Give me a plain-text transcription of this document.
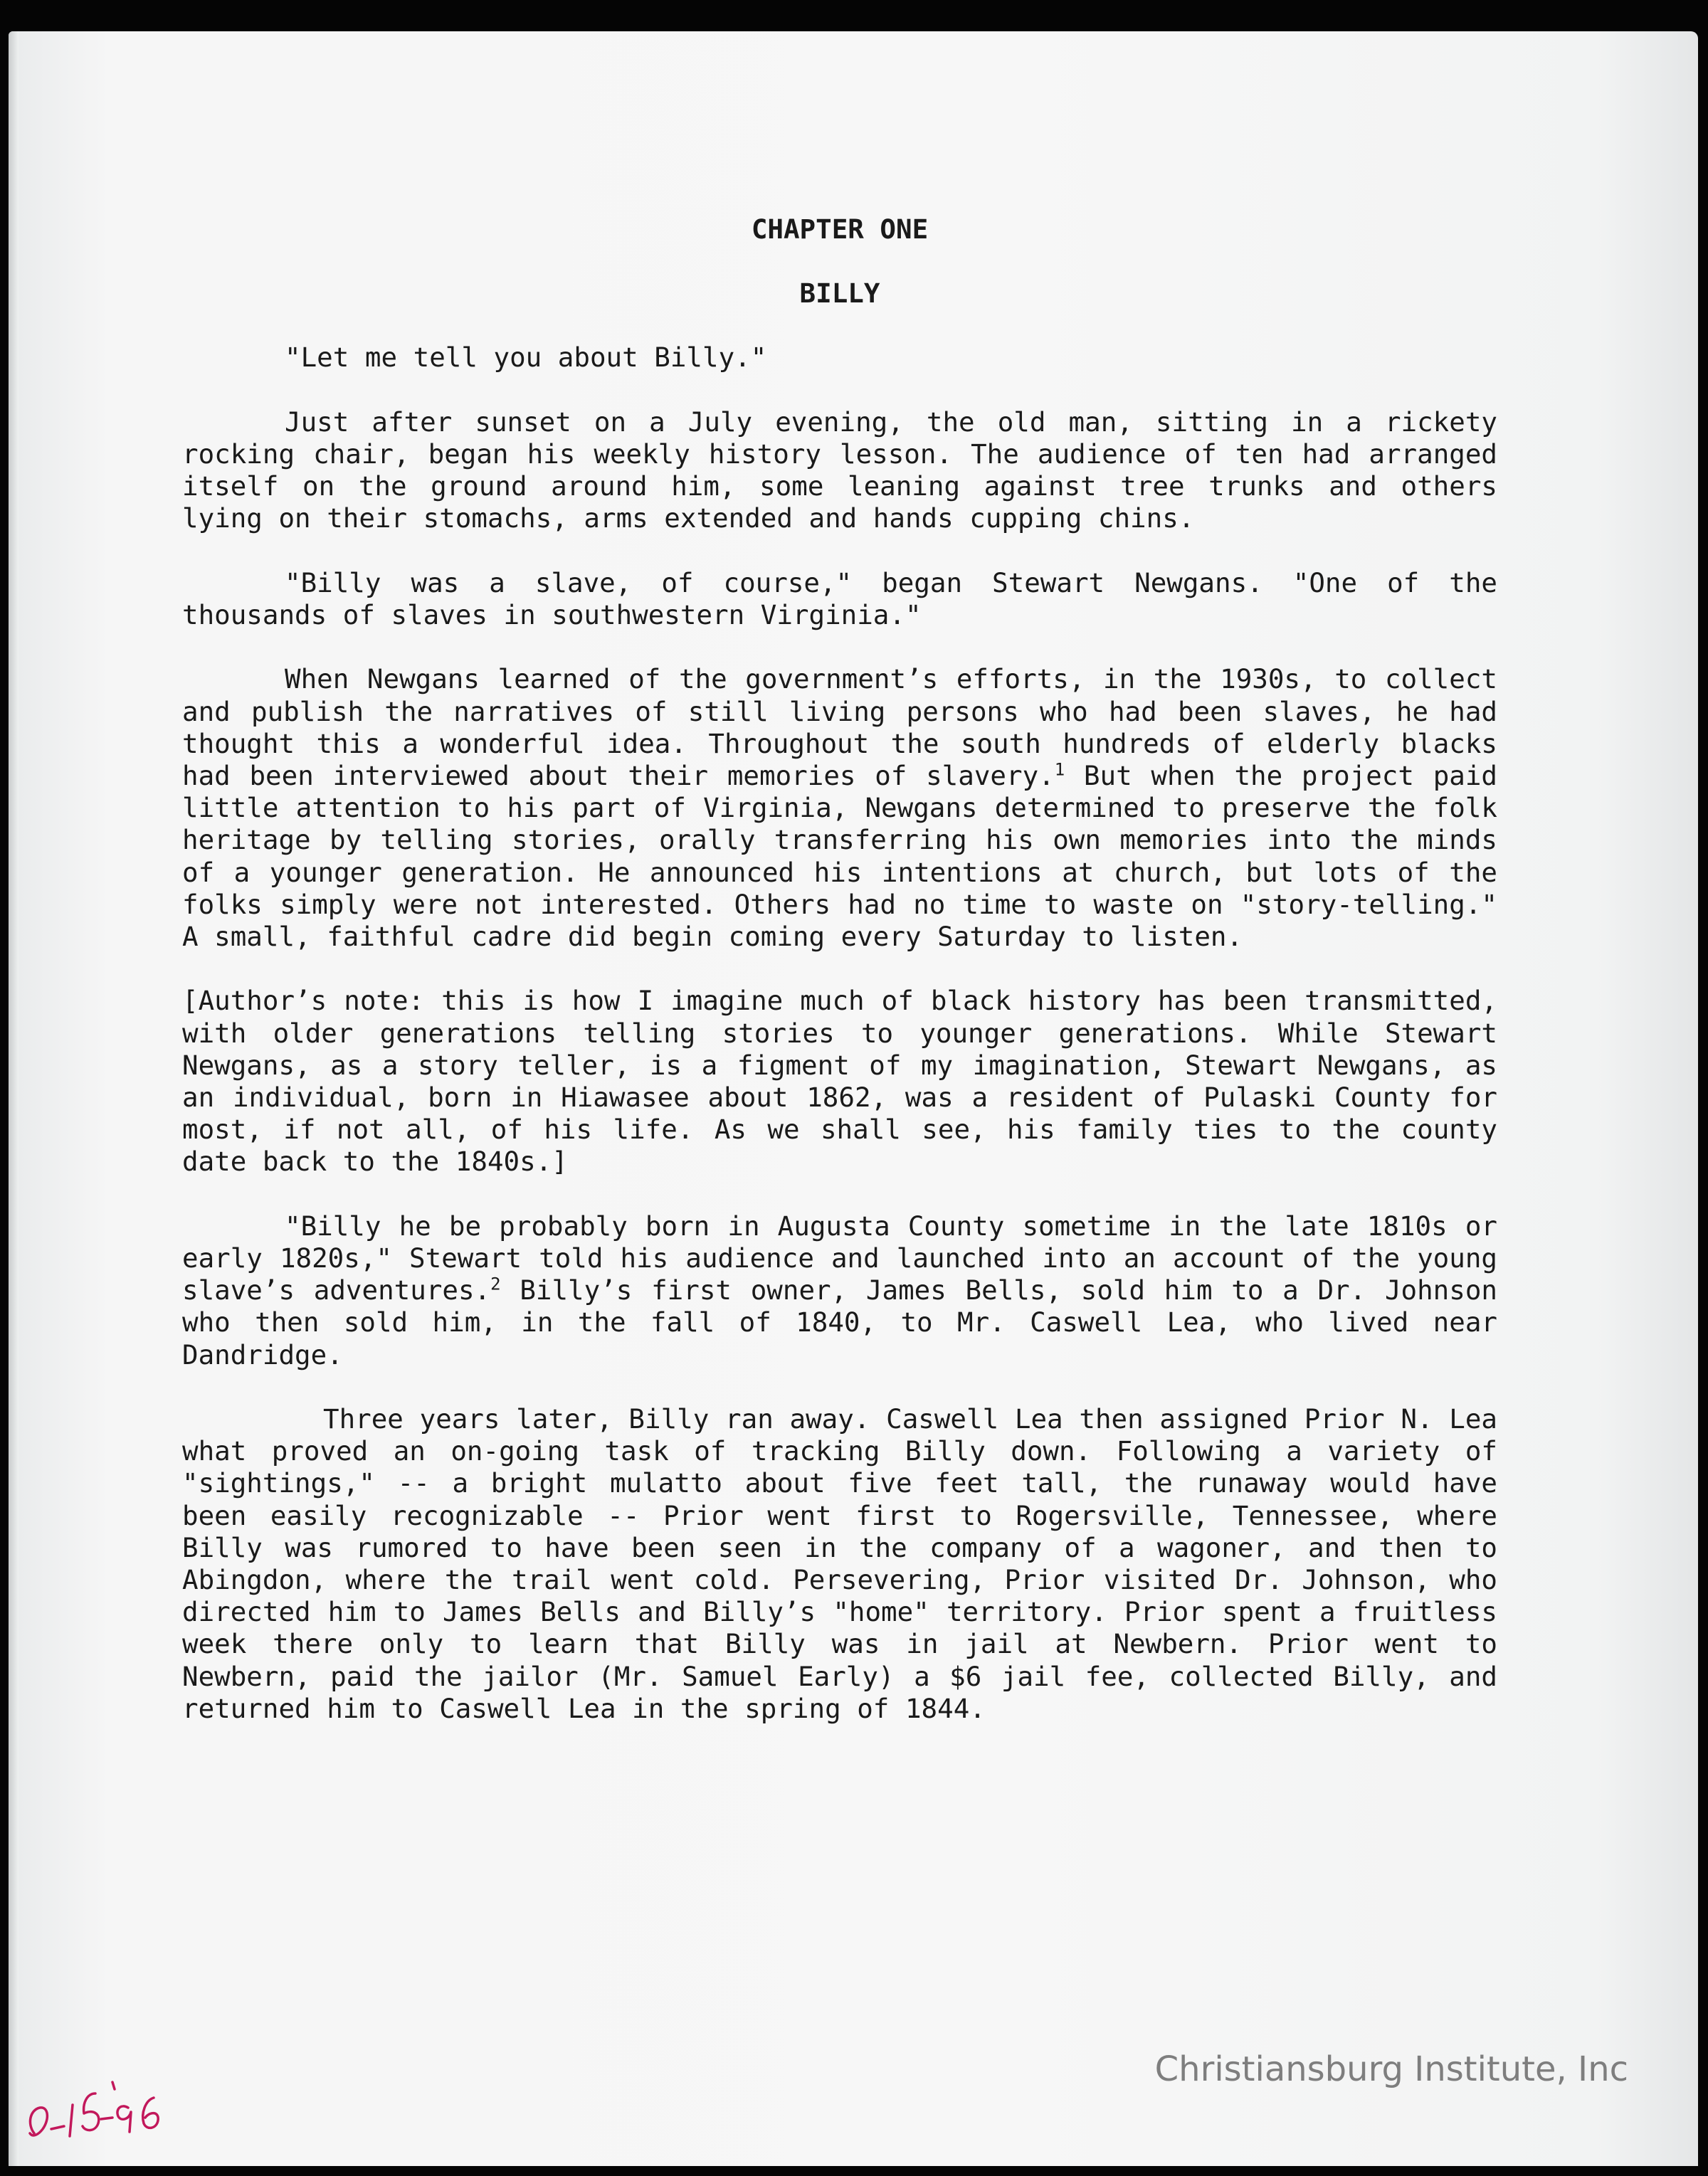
CHAPTER ONE

BILLY

"Let me tell you about Billy."

Just after sunset on a July evening, the old man, sitting in a rickety rocking chair, began his weekly history lesson. The audience of ten had arranged itself on the ground around him, some leaning against tree trunks and others lying on their stomachs, arms extended and hands cupping chins.

"Billy was a slave, of course," began Stewart Newgans. "One of the thousands of slaves in southwestern Virginia."

When Newgans learned of the government’s efforts, in the 1930s, to collect and publish the narratives of still living persons who had been slaves, he had thought this a wonderful idea. Throughout the south hundreds of elderly blacks had been interviewed about their memories of slavery.$^1$ But when the project paid little attention to his part of Virginia, Newgans determined to preserve the folk heritage by telling stories, orally transferring his own memories into the minds of a younger generation. He announced his intentions at church, but lots of the folks simply were not interested. Others had no time to waste on "story-telling." A small, faithful cadre did begin coming every Saturday to listen.

[Author’s note: this is how I imagine much of black history has been transmitted, with older generations telling stories to younger generations. While Stewart Newgans, as a story teller, is a figment of my imagination, Stewart Newgans, as an individual, born in Hiawasee about 1862, was a resident of Pulaski County for most, if not all, of his life. As we shall see, his family ties to the county date back to the 1840s.]

"Billy he be probably born in Augusta County sometime in the late 1810s or early 1820s," Stewart told his audience and launched into an account of the young slave’s adventures.$^2$ Billy’s first owner, James Bells, sold him to a Dr. Johnson who then sold him, in the fall of 1840, to Mr. Caswell Lea, who lived near Dandridge.

Three years later, Billy ran away. Caswell Lea then assigned Prior N. Lea what proved an on-going task of tracking Billy down. Following a variety of "sightings," -- a bright mulatto about five feet tall, the runaway would have been easily recognizable -- Prior went first to Rogersville, Tennessee, where Billy was rumored to have been seen in the company of a wagoner, and then to Abingdon, where the trail went cold. Persevering, Prior visited Dr. Johnson, who directed him to James Bells and Billy’s "home" territory. Prior spent a fruitless week there only to learn that Billy was in jail at Newbern. Prior went to Newbern, paid the jailor (Mr. Samuel Early) a $6 jail fee, collected Billy, and returned him to Caswell Lea in the spring of 1844.

Christiansburg Institute, Inc
